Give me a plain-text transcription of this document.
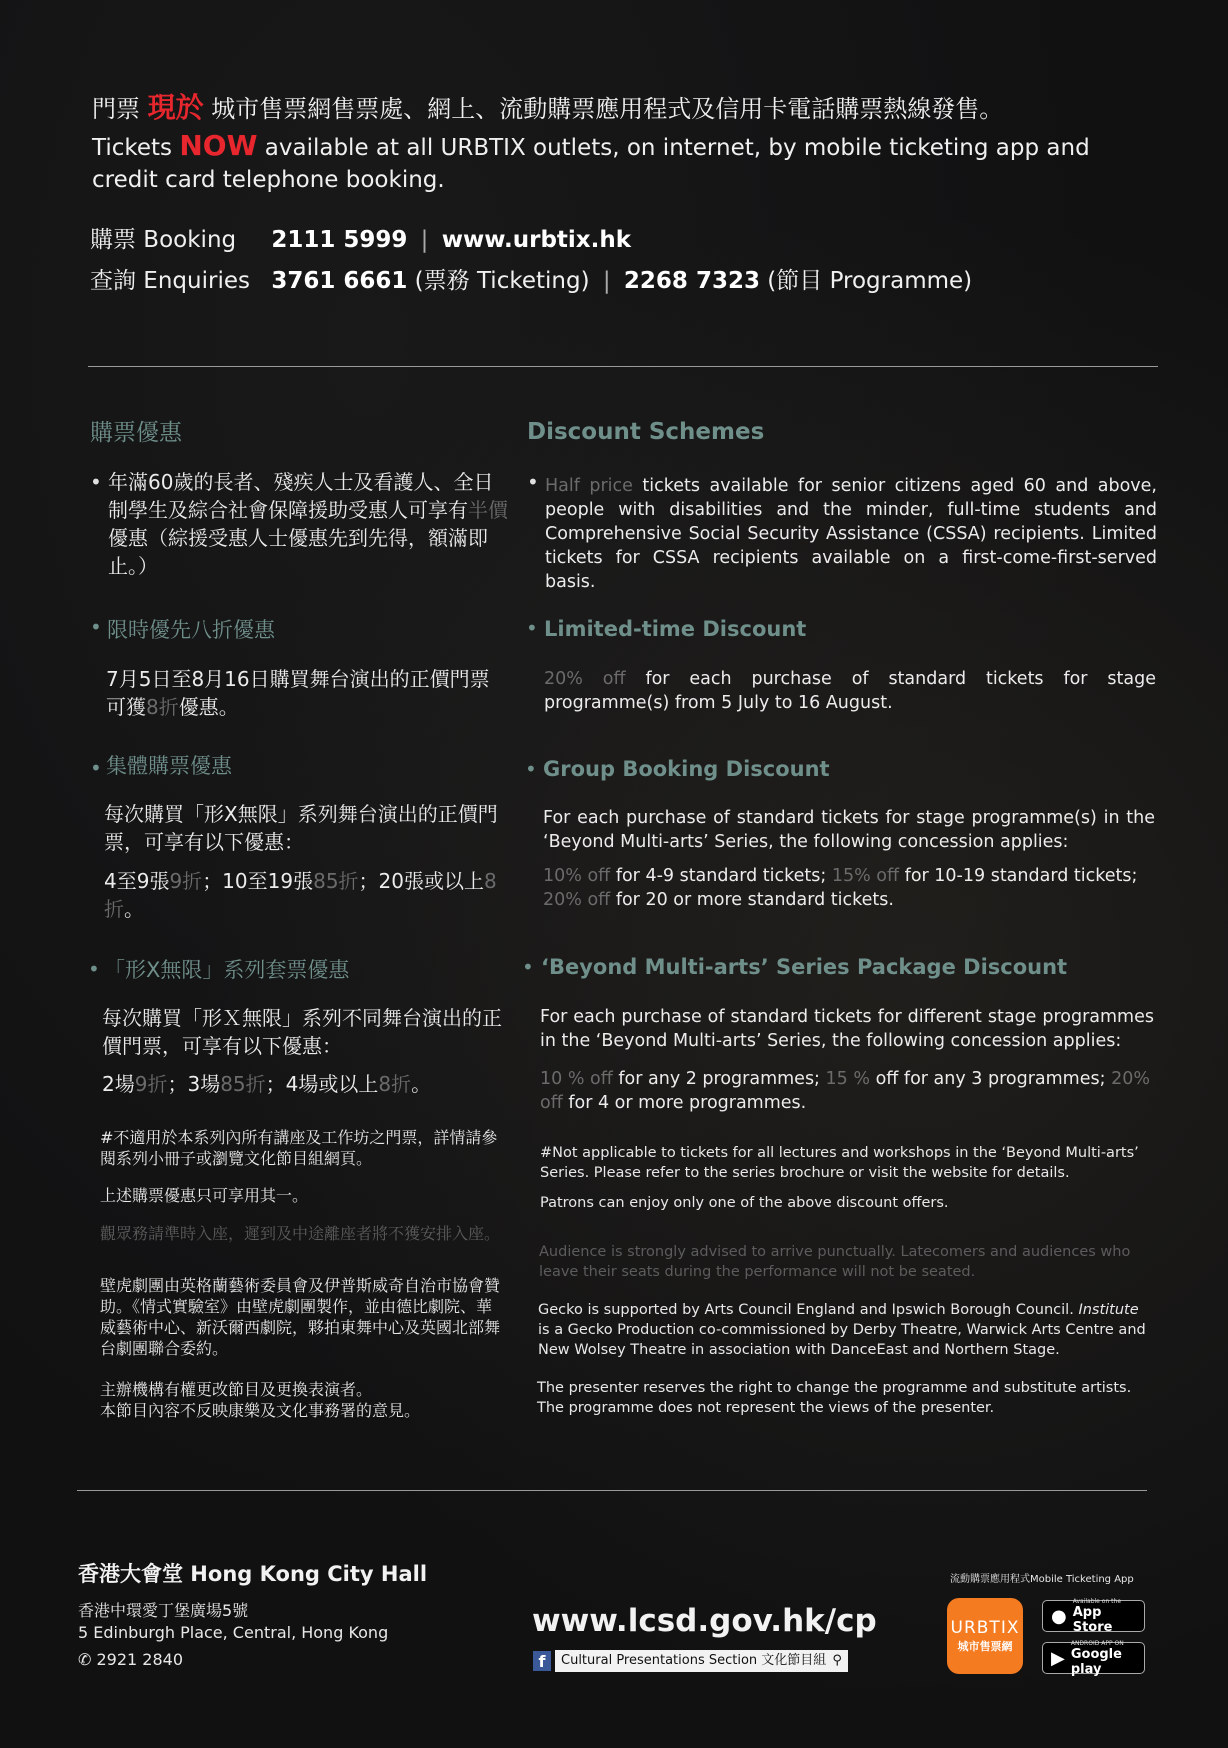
門票 現於 城市售票網售票處、網上、流動購票應用程式及信用卡電話購票熱線發售。
Tickets NOW available at all URBTIX outlets, on internet, by mobile ticketing app and credit card telephone booking.
購票 Booking 2111 5999 | www.urbtix.hk
查詢 Enquiries 3761 6661 (票務 Ticketing) | 2268 7323 (節目 Programme)
購票優惠
• 年滿60歲的長者、殘疾人士及看護人、全日制學生及綜合社會保障援助受惠人可享有半價優惠（綜援受惠人士優惠先到先得，額滿即止。）
• 限時優先八折優惠
7月5日至8月16日購買舞台演出的正價門票可獲8折優惠。
• 集體購票優惠
每次購買「形X無限」系列舞台演出的正價門票，可享有以下優惠：
4至9張9折；10至19張85折；20張或以上8折。
• 「形X無限」系列套票優惠
每次購買「形Ｘ無限」系列不同舞台演出的正價門票，可享有以下優惠：
2場9折；3場85折；4場或以上8折。
#不適用於本系列內所有講座及工作坊之門票，詳情請參閱系列小冊子或瀏覽文化節目組網頁。
上述購票優惠只可享用其一。
觀眾務請準時入座，遲到及中途離座者將不獲安排入座。
壁虎劇團由英格蘭藝術委員會及伊普斯威奇自治市協會贊助。《情式實驗室》由壁虎劇團製作，並由德比劇院、華威藝術中心、新沃爾西劇院，夥拍東舞中心及英國北部舞台劇團聯合委約。
主辦機構有權更改節目及更換表演者。
本節目內容不反映康樂及文化事務署的意見。
Discount Schemes
• Half price tickets available for senior citizens aged 60 and above, people with disabilities and the minder, full-time students and Comprehensive Social Security Assistance (CSSA) recipients. Limited tickets for CSSA recipients available on a first-come-first-served basis.
• Limited-time Discount
20% off for each purchase of standard tickets for stage programme(s) from 5 July to 16 August.
• Group Booking Discount
For each purchase of standard tickets for stage programme(s) in the ‘Beyond Multi-arts’ Series, the following concession applies:
10% off for 4-9 standard tickets; 15% off for 10-19 standard tickets; 20% off for 20 or more standard tickets.
• ‘Beyond Multi-arts’ Series Package Discount
For each purchase of standard tickets for different stage programmes in the ‘Beyond Multi-arts’ Series, the following concession applies:
10 % off for any 2 programmes; 15 % off for any 3 programmes; 20% off for 4 or more programmes.
#Not applicable to tickets for all lectures and workshops in the ‘Beyond Multi-arts’ Series. Please refer to the series brochure or visit the website for details.
Patrons can enjoy only one of the above discount offers.
Audience is strongly advised to arrive punctually. Latecomers and audiences who leave their seats during the performance will not be seated.
Gecko is supported by Arts Council England and Ipswich Borough Council. Institute is a Gecko Production co-commissioned by Derby Theatre, Warwick Arts Centre and New Wolsey Theatre in association with DanceEast and Northern Stage.
The presenter reserves the right to change the programme and substitute artists.
The programme does not represent the views of the presenter.
香港大會堂 Hong Kong City Hall
香港中環愛丁堡廣場5號
5 Edinburgh Place, Central, Hong Kong
✆ 2921 2840
www.lcsd.gov.hk/cp
f	Cultural Presentations Section 文化節目組 ⚲
流動購票應用程式Mobile Ticketing App
URBTIX
城市售票網
●
Available on the
App Store
▶
ANDROID APP ON
Google play
